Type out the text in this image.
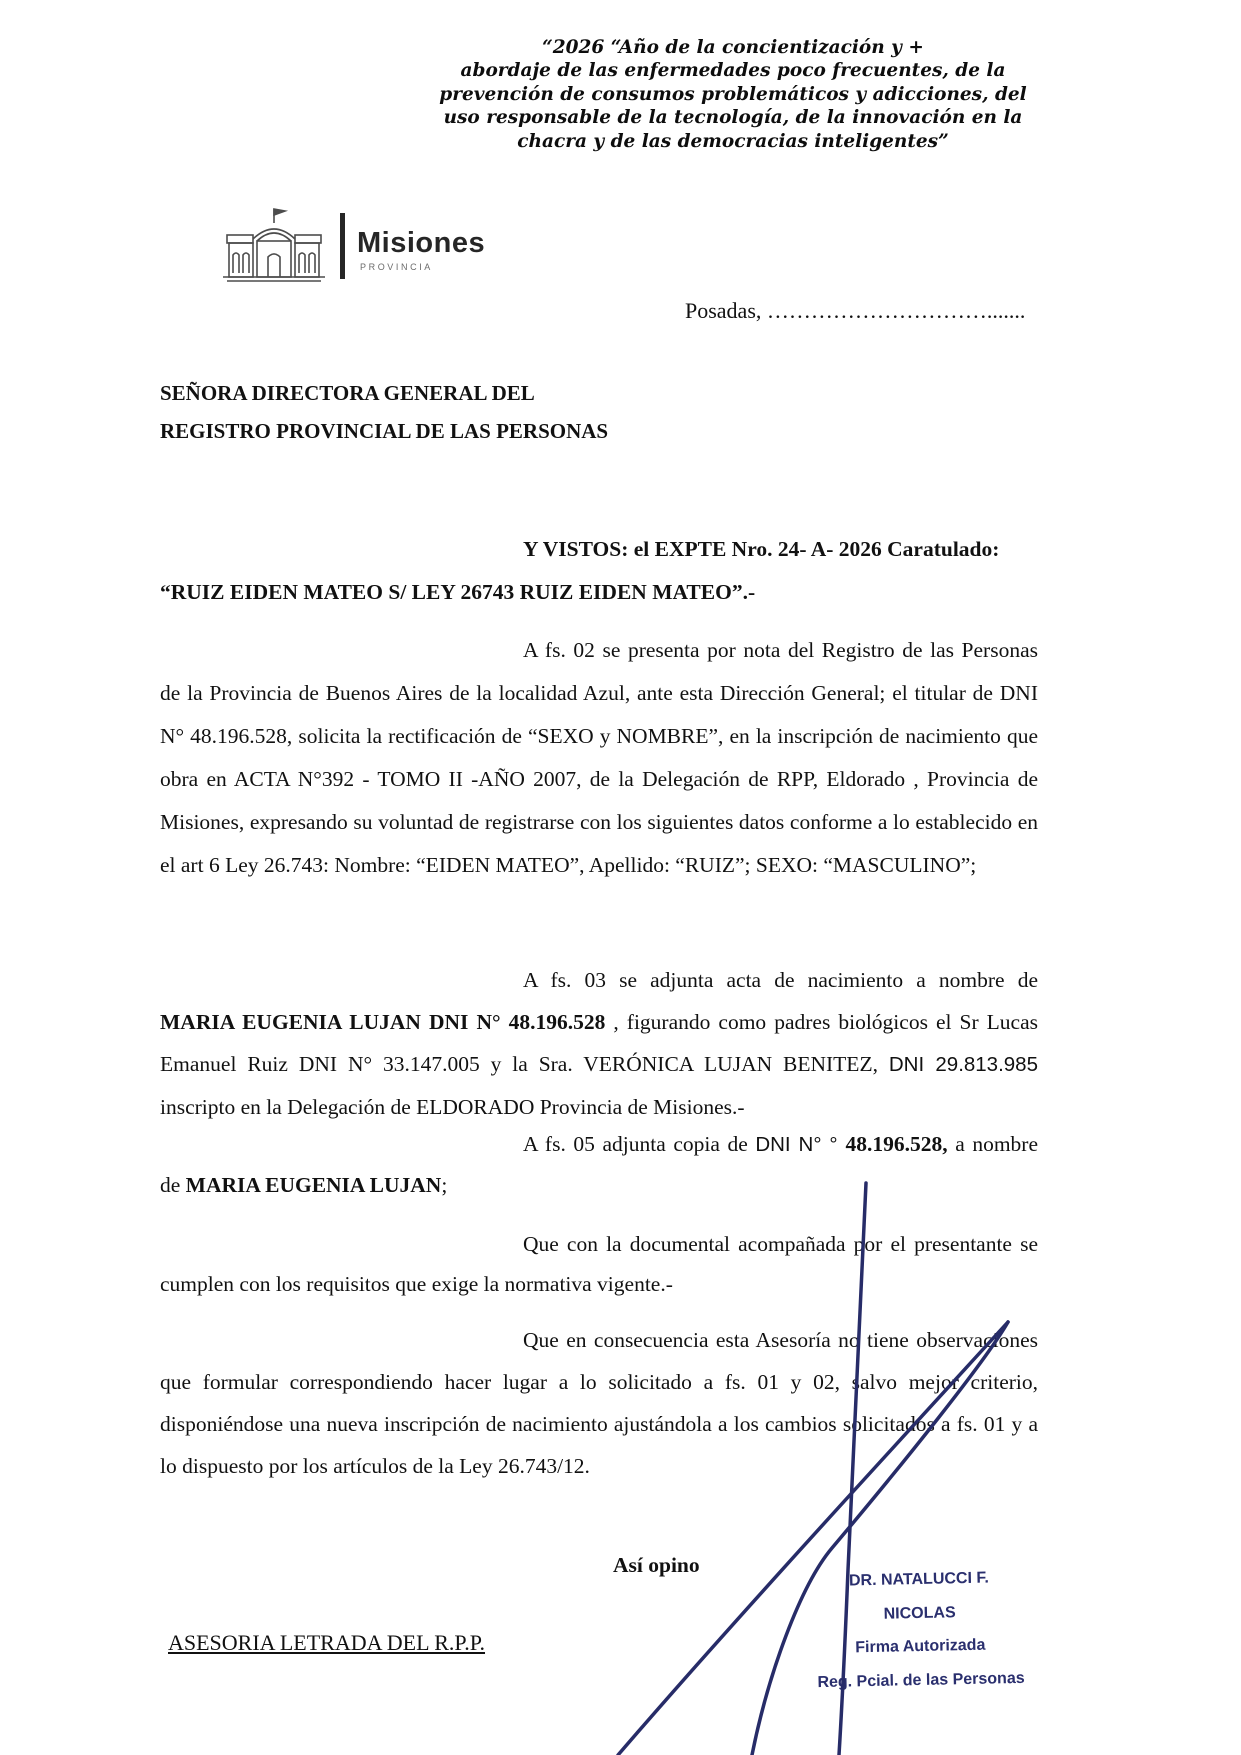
“2026 “Año de la concientización y +
abordaje de las enfermedades poco frecuentes, de la
prevención de consumos problemáticos y adicciones, del
uso responsable de la tecnología, de la innovación en la
chacra y de las democracias inteligentes”
Misiones
PROVINCIA
Posadas, ………………………….......
SEÑORA DIRECTORA GENERAL DEL
REGISTRO PROVINCIAL DE LAS PERSONAS
Y VISTOS: el EXPTE Nro. 24- A- 2026 Caratulado:
“RUIZ EIDEN MATEO S/ LEY 26743 RUIZ EIDEN MATEO”.-

A fs. 02 se presenta por nota del Registro de las Personas de la Provincia de Buenos Aires de la localidad Azul, ante esta Dirección General; el titular de DNI N° 48.196.528, solicita la rectificación de “SEXO y NOMBRE”, en la inscripción de nacimiento que obra en ACTA N°392 - TOMO II -AÑO 2007, de la Delegación de RPP, Eldorado , Provincia de Misiones, expresando su voluntad de registrarse con los siguientes datos conforme a lo establecido en el art 6 Ley 26.743: Nombre: “EIDEN MATEO”, Apellido: “RUIZ”; SEXO: “MASCULINO”;

A fs. 03 se adjunta acta de nacimiento a nombre de MARIA EUGENIA LUJAN DNI N° 48.196.528 , figurando como padres biológicos el Sr Lucas Emanuel Ruiz DNI N° 33.147.005 y la Sra. VERÓNICA LUJAN BENITEZ, DNI 29.813.985 inscripto en la Delegación de ELDORADO Provincia de Misiones.-

A fs. 05 adjunta copia de DNI N° ° 48.196.528, a nombre de MARIA EUGENIA LUJAN;

Que con la documental acompañada por el presentante se cumplen con los requisitos que exige la normativa vigente.-

Que en consecuencia esta Asesoría no tiene observaciones que formular correspondiendo hacer lugar a lo solicitado a fs. 01 y 02, salvo mejor criterio, disponiéndose una nueva inscripción de nacimiento ajustándola a los cambios solicitados a fs. 01 y a lo dispuesto por los artículos de la Ley 26.743/12.

Así opino
ASESORIA LETRADA DEL R.P.P.
DR. NATALUCCI F. NICOLAS
Firma Autorizada
Reg. Pcial. de las Personas
